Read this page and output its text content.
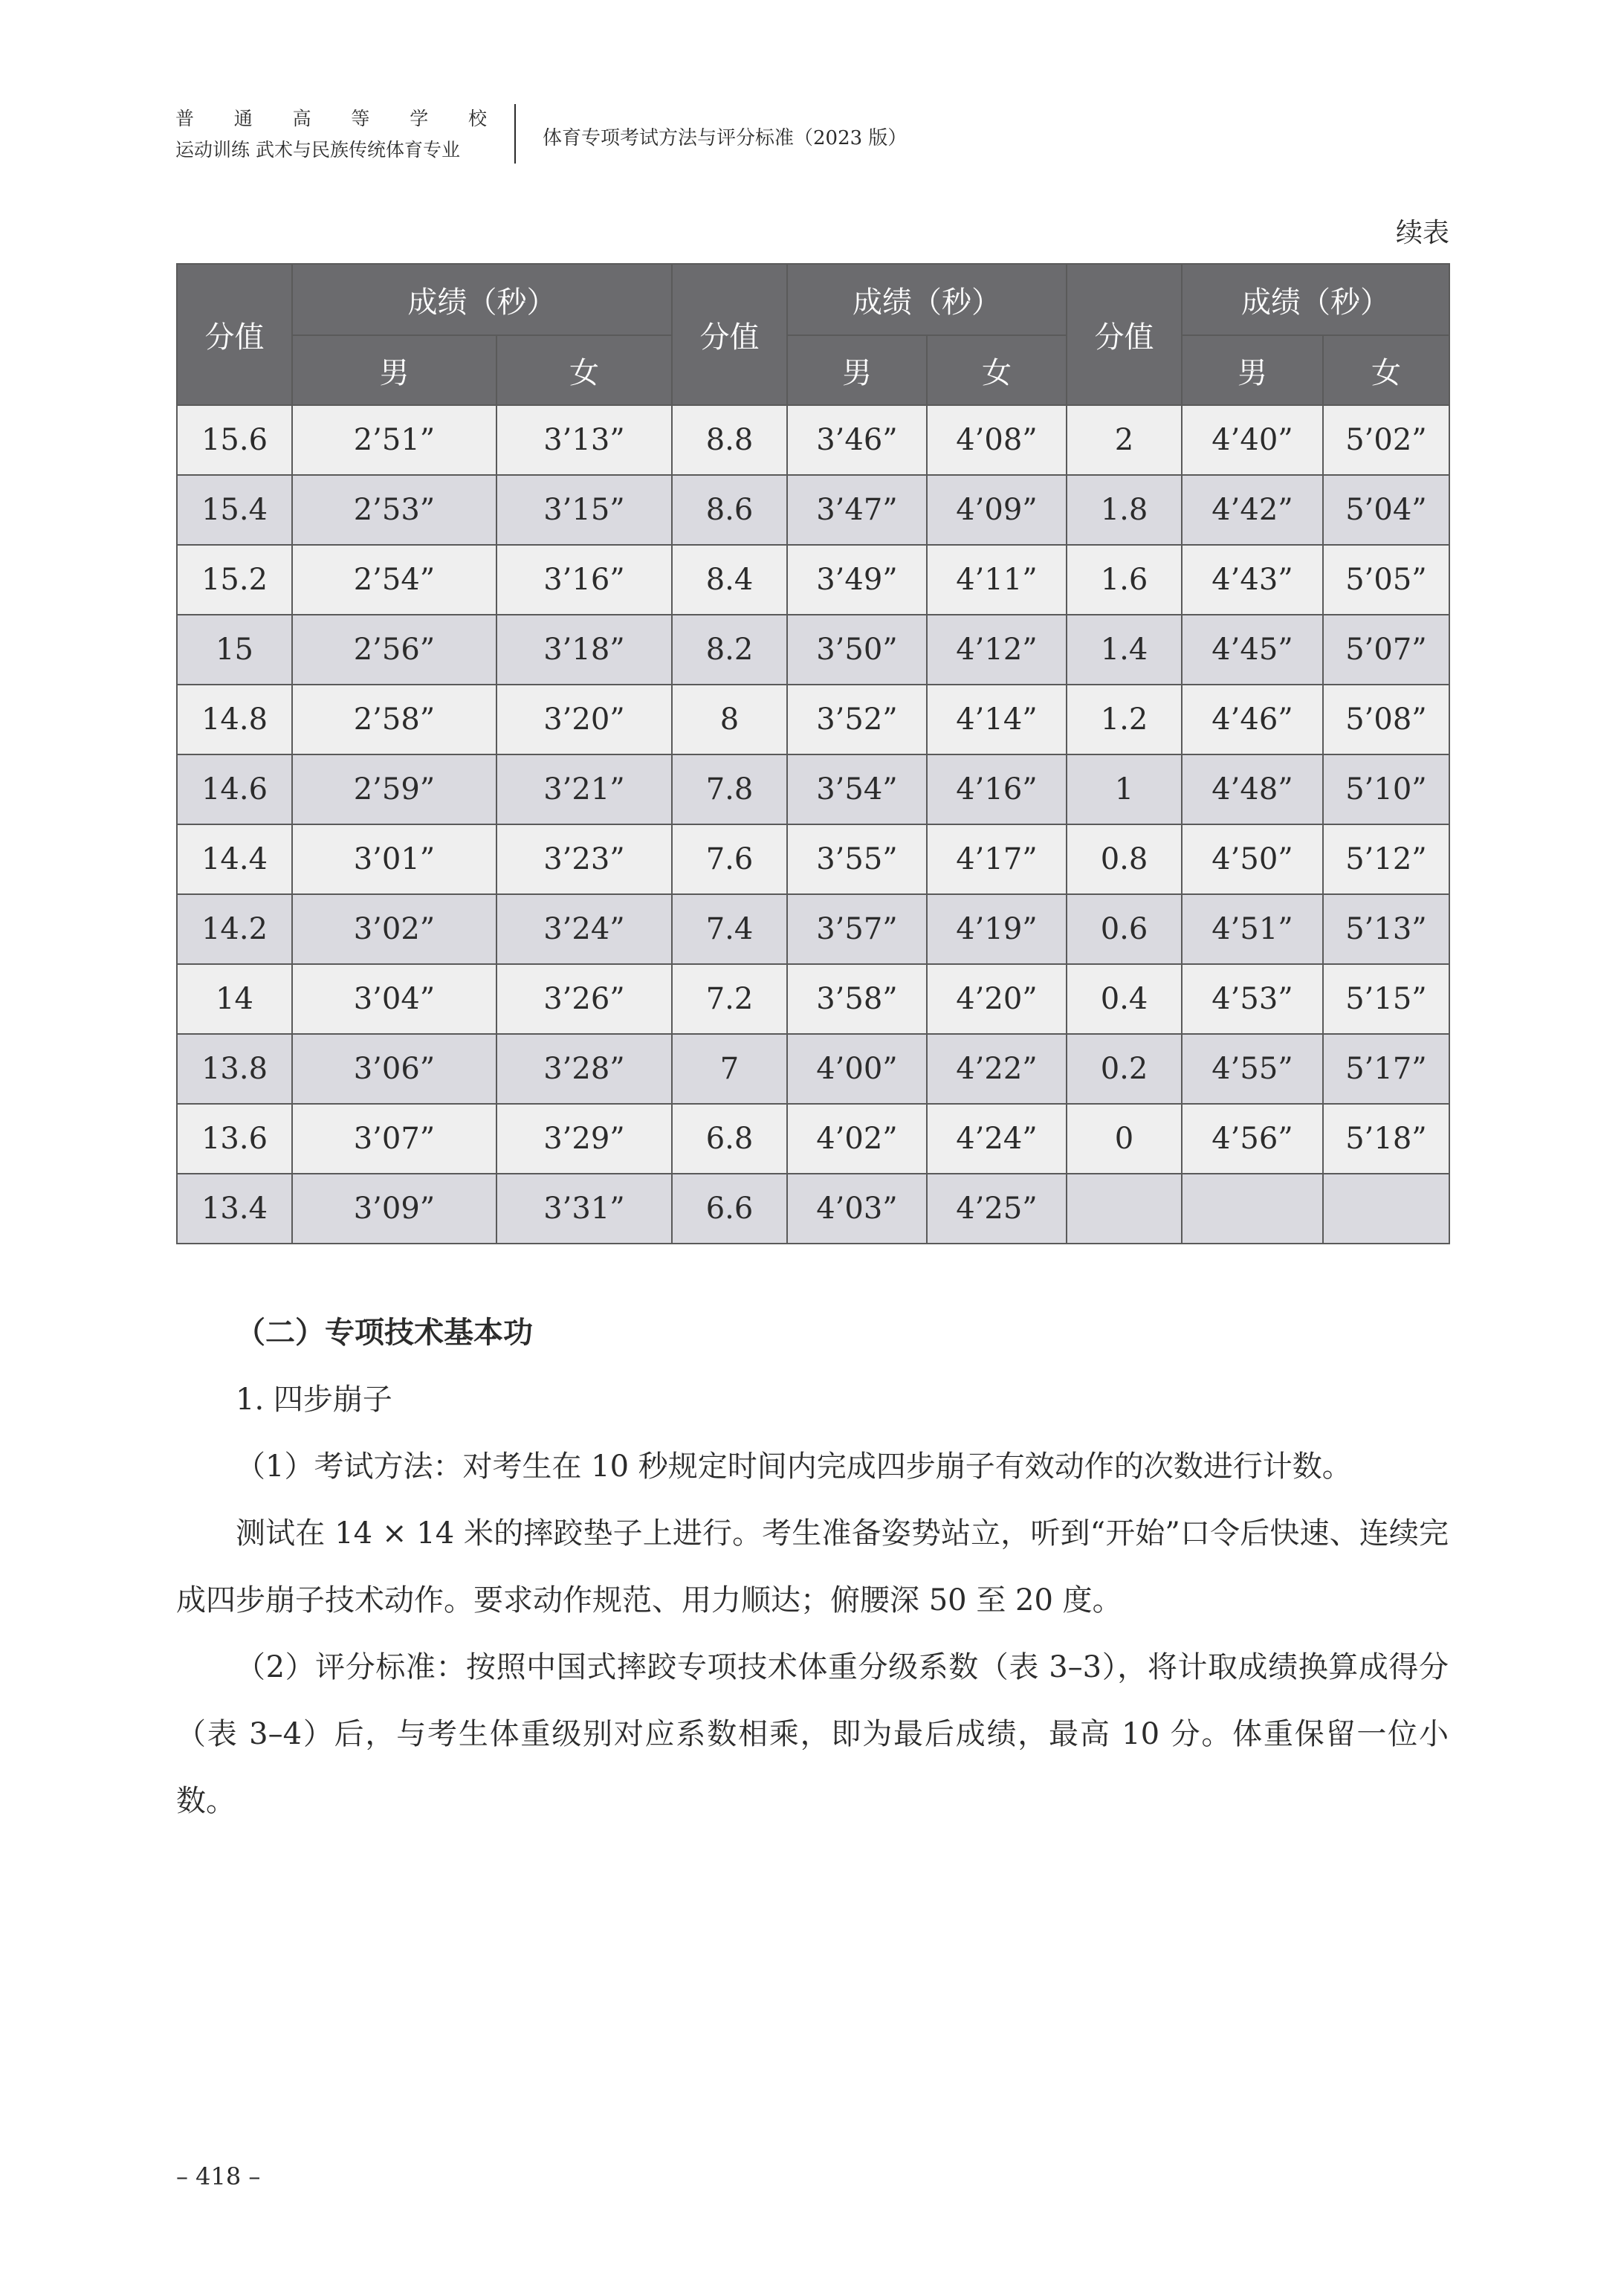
普 通 高 等 学 校
运动训练 武术与民族传统体育专业
体育专项考试方法与评分标准（2023 版）
续表
分值	成绩（秒）		分值	成绩（秒）		分值	成绩（秒）	
	男	女		男	女		男	女
15.6	2’51”	3’13”	8.8	3’46”	4’08”	2	4’40”	5’02”
15.4	2’53”	3’15”	8.6	3’47”	4’09”	1.8	4’42”	5’04”
15.2	2’54”	3’16”	8.4	3’49”	4’11”	1.6	4’43”	5’05”
15	2’56”	3’18”	8.2	3’50”	4’12”	1.4	4’45”	5’07”
14.8	2’58”	3’20”	8	3’52”	4’14”	1.2	4’46”	5’08”
14.6	2’59”	3’21”	7.8	3’54”	4’16”	1	4’48”	5’10”
14.4	3’01”	3’23”	7.6	3’55”	4’17”	0.8	4’50”	5’12”
14.2	3’02”	3’24”	7.4	3’57”	4’19”	0.6	4’51”	5’13”
14	3’04”	3’26”	7.2	3’58”	4’20”	0.4	4’53”	5’15”
13.8	3’06”	3’28”	7	4’00”	4’22”	0.2	4’55”	5’17”
13.6	3’07”	3’29”	6.8	4’02”	4’24”	0	4’56”	5’18”
13.4	3’09”	3’31”	6.6	4’03”	4’25”			

（二）专项技术基本功

1. 四步崩子

（1）考试方法：对考生在 10 秒规定时间内完成四步崩子有效动作的次数进行计数。

测试在 14 × 14 米的摔跤垫子上进行。考生准备姿势站立，听到“开始”口令后快速、连续完成四步崩子技术动作。要求动作规范、用力顺达；俯腰深 50 至 20 度。

（2）评分标准：按照中国式摔跤专项技术体重分级系数（表 3–3），将计取成绩换算成得分（表 3–4）后，与考生体重级别对应系数相乘，即为最后成绩，最高 10 分。体重保留一位小数。

– 418 –
